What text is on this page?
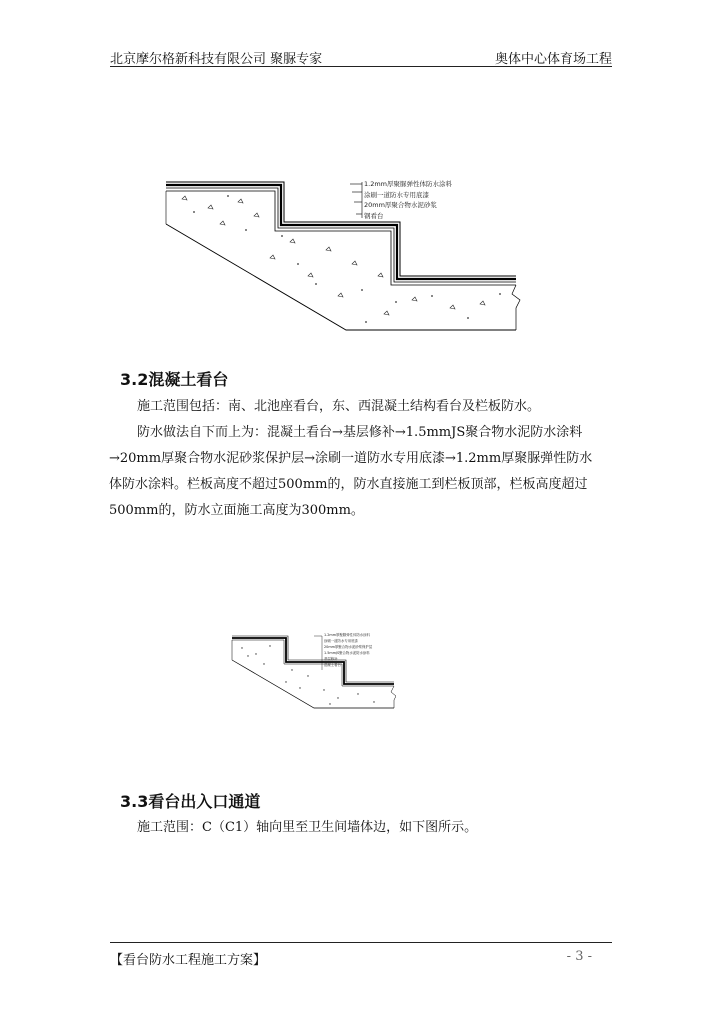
北京摩尔格新科技有限公司 聚脲专家	奥体中心体育场工程
1.2mm厚聚脲弹性体防水涂料
涂刷一道防水专用底漆
20mm厚聚合物水泥砂浆
钢看台
3.2混凝土看台
施工范围包括：南、北池座看台，东、西混凝土结构看台及栏板防水。
防水做法自下而上为：混凝土看台→基层修补→1.5mmJS聚合物水泥防水涂料
→20mm厚聚合物水泥砂浆保护层→涂刷一道防水专用底漆→1.2mm厚聚脲弹性防水
体防水涂料。栏板高度不超过500mm的，防水直接施工到栏板顶部，栏板高度超过
500mm的，防水立面施工高度为300mm。
1.2mm厚聚脲弹性体防水涂料
涂刷一道防水专用底漆
20mm厚聚合物水泥砂浆保护层
1.5mmJS聚合物水泥防水涂料
基层修补
混凝土看台
3.3看台出入口通道
施工范围：C（C1）轴向里至卫生间墙体边，如下图所示。
【看台防水工程施工方案】	- 3 -
